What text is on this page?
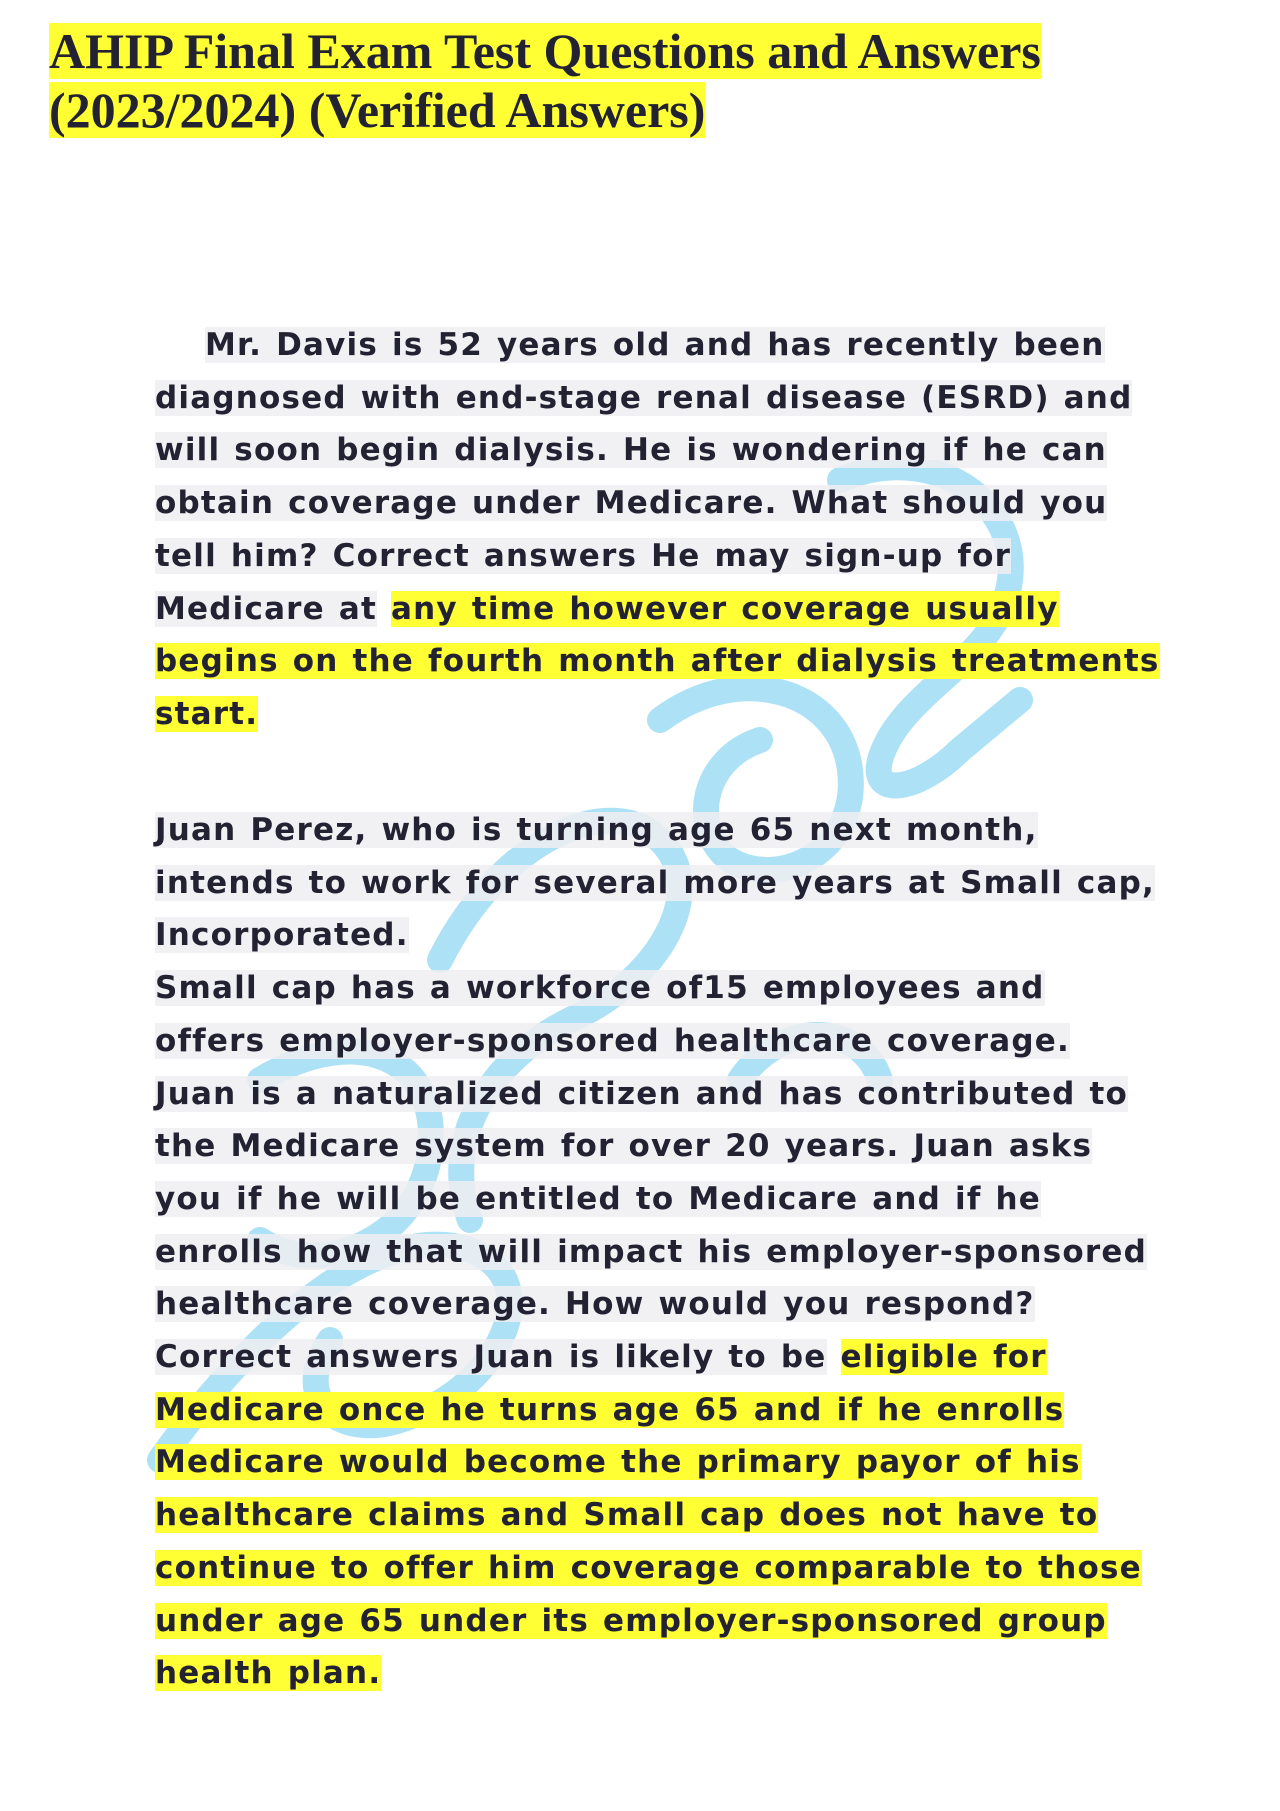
AHIP Final Exam Test Questions and Answers (2023/2024) (Verified Answers)

Mr. Davis is 52 years old and has recently been diagnosed with end-stage renal disease (ESRD) and will soon begin dialysis. He is wondering if he can obtain coverage under Medicare. What should you tell him? Correct answers He may sign-up for Medicare at any time however coverage usually begins on the fourth month after dialysis treatments start.

Juan Perez, who is turning age 65 next month, intends to work for several more years at Small cap, Incorporated.
Small cap has a workforce of15 employees and offers employer-sponsored healthcare coverage. Juan is a naturalized citizen and has contributed to the Medicare system for over 20 years. Juan asks you if he will be entitled to Medicare and if he enrolls how that will impact his employer-sponsored healthcare coverage. How would you respond? Correct answers Juan is likely to be eligible for Medicare once he turns age 65 and if he enrolls Medicare would become the primary payor of his healthcare claims and Small cap does not have to continue to offer him coverage comparable to those under age 65 under its employer-sponsored group health plan.
